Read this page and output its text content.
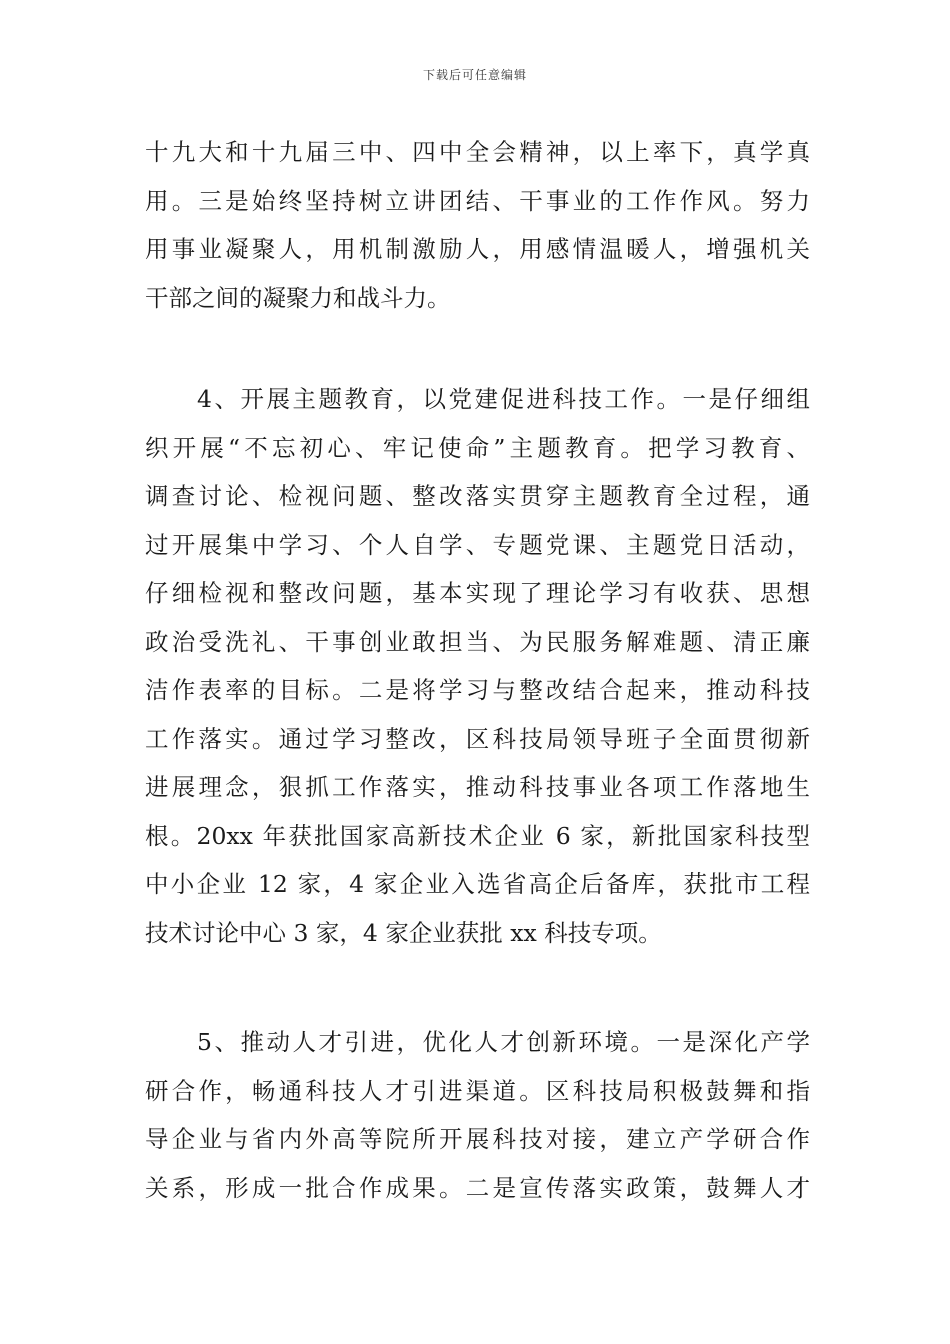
下载后可任意编辑
十九大和十九届三中、四中全会精神，以上率下，真学真
用。三是始终坚持树立讲团结、干事业的工作作风。努力
用事业凝聚人，用机制激励人，用感情温暖人，增强机关
干部之间的凝聚力和战斗力。
　　4、开展主题教育，以党建促进科技工作。一是仔细组
织开展“不忘初心、牢记使命”主题教育。把学习教育、
调查讨论、检视问题、整改落实贯穿主题教育全过程，通
过开展集中学习、个人自学、专题党课、主题党日活动，
仔细检视和整改问题，基本实现了理论学习有收获、思想
政治受洗礼、干事创业敢担当、为民服务解难题、清正廉
洁作表率的目标。二是将学习与整改结合起来，推动科技
工作落实。通过学习整改，区科技局领导班子全面贯彻新
进展理念，狠抓工作落实，推动科技事业各项工作落地生
根。20xx 年获批国家高新技术企业 6 家，新批国家科技型
中小企业 12 家，4 家企业入选省高企后备库，获批市工程
技术讨论中心 3 家，4 家企业获批 xx 科技专项。
　　5、推动人才引进，优化人才创新环境。一是深化产学
研合作，畅通科技人才引进渠道。区科技局积极鼓舞和指
导企业与省内外高等院所开展科技对接，建立产学研合作
关系，形成一批合作成果。二是宣传落实政策，鼓舞人才
